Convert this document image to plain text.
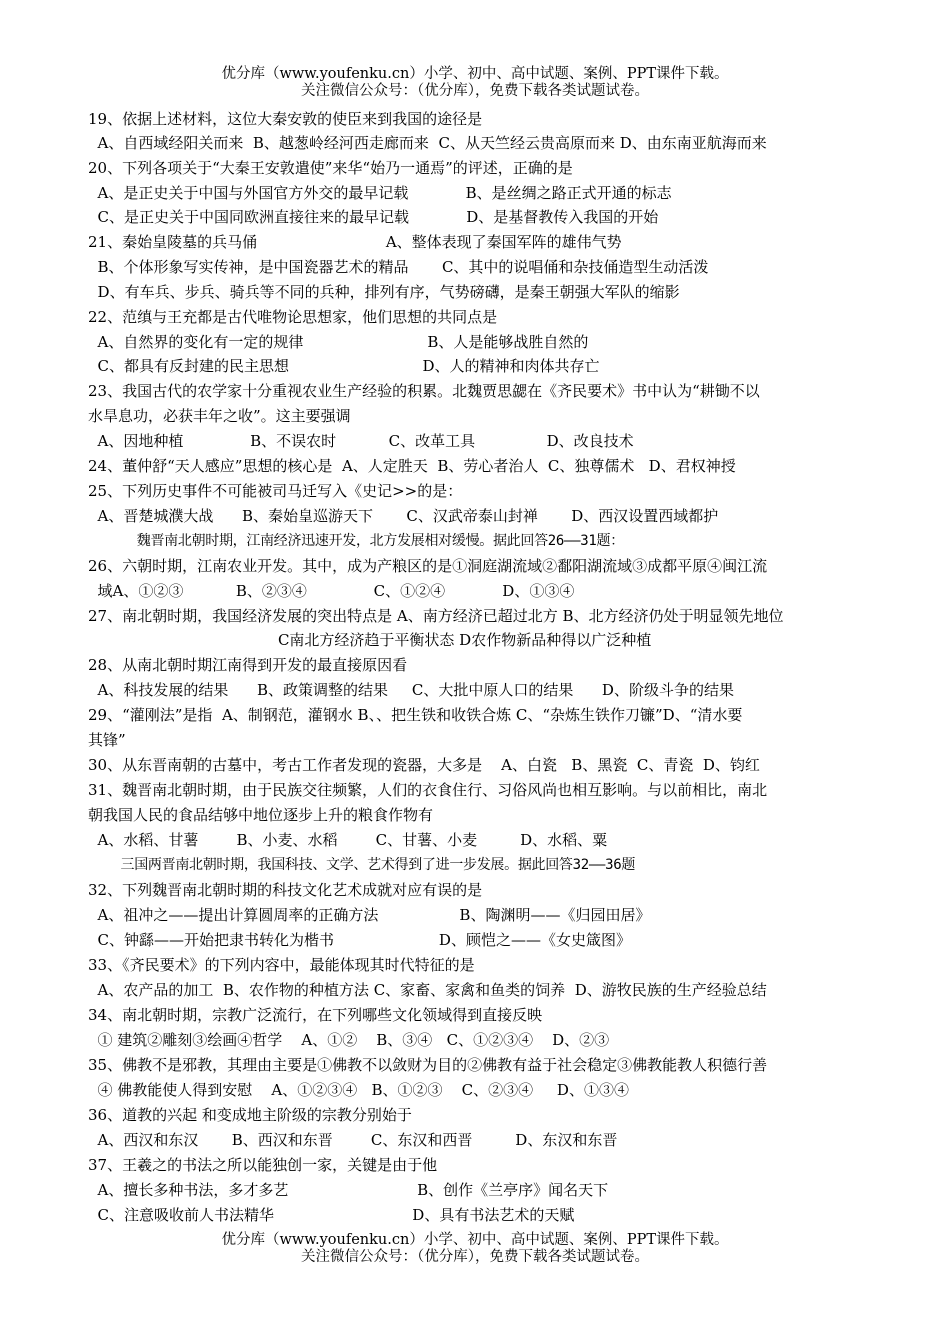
优分库（www.youfenku.cn）小学、初中、高中试题、案例、PPT课件下载。
关注微信公众号：（优分库），免费下载各类试题试卷。
19、依据上述材料，这位大秦安敦的使臣来到我国的途径是
A、自西域经阳关而来  B、越葱岭经河西走廊而来  C、从天竺经云贵高原而来 D、由东南亚航海而来
20、下列各项关于“大秦王安敦遣使”来华“始乃一通焉”的评述，正确的是
A、是正史关于中国与外国官方外交的最早记载            B、是丝绸之路正式开通的标志
C、是正史关于中国同欧洲直接往来的最早记载            D、是基督教传入我国的开始
21、秦始皇陵墓的兵马俑                           A、整体表现了秦国军阵的雄伟气势
B、个体形象写实传神，是中国瓷器艺术的精品       C、其中的说唱俑和杂技俑造型生动活泼
D、有车兵、步兵、骑兵等不同的兵种，排列有序，气势磅礴，是秦王朝强大军队的缩影
22、范缜与王充都是古代唯物论思想家，他们思想的共同点是
A、自然界的变化有一定的规律                          B、人是能够战胜自然的
C、都具有反封建的民主思想                            D、人的精神和肉体共存亡
23、我国古代的农学家十分重视农业生产经验的积累。北魏贾思勰在《齐民要术》书中认为“耕锄不以
水旱息功，必获丰年之收”。这主要强调
A、因地种植              B、不误农时           C、改革工具               D、改良技术
24、董仲舒“天人感应”思想的核心是  A、人定胜天  B、劳心者治人  C、独尊儒术   D、君权神授
25、下列历史事件不可能被司马迁写入《史记>>的是：
A、晋楚城濮大战      B、秦始皇巡游天下       C、汉武帝泰山封禅       D、西汉设置西域都护
魏晋南北朝时期，江南经济迅速开发，北方发展相对缓慢。据此回答26——31题：
26、六朝时期，江南农业开发。其中，成为产粮区的是①洞庭湖流域②鄱阳湖流域③成都平原④闽江流
域A、①②③           B、②③④              C、①②④            D、①③④
27、南北朝时期，我国经济发展的突出特点是 A、南方经济已超过北方 B、北方经济仍处于明显领先地位
C南北方经济趋于平衡状态 D农作物新品种得以广泛种植
28、从南北朝时期江南得到开发的最直接原因看
A、科技发展的结果      B、政策调整的结果     C、大批中原人口的结果      D、阶级斗争的结果
29、“灌刚法”是指  A、制钢范，灌钢水 B、、把生铁和收铁合炼 C、“杂炼生铁作刀镰”D、“清水要
其锋”
30、从东晋南朝的古墓中，考古工作者发现的瓷器，大多是    A、白瓷   B、黑瓷  C、青瓷  D、钧红
31、魏晋南北朝时期，由于民族交往频繁，人们的衣食住行、习俗风尚也相互影响。与以前相比，南北
朝我国人民的食品结够中地位逐步上升的粮食作物有
A、水稻、甘薯        B、小麦、水稻        C、甘薯、小麦         D、水稻、粟
三国两晋南北朝时期，我国科技、文学、艺术得到了进一步发展。据此回答32——36题
32、下列魏晋南北朝时期的科技文化艺术成就对应有误的是
A、祖冲之——提出计算圆周率的正确方法                 B、陶渊明——《归园田居》
C、钟繇——开始把隶书转化为楷书                      D、顾恺之——《女史箴图》
33、《齐民要术》的下列内容中，最能体现其时代特征的是
A、农产品的加工  B、农作物的种植方法 C、家畜、家禽和鱼类的饲养  D、游牧民族的生产经验总结
34、南北朝时期，宗教广泛流行，在下列哪些文化领域得到直接反映
① 建筑②雕刻③绘画④哲学    A、①②    B、③④   C、①②③④    D、②③
35、佛教不是邪教，其理由主要是①佛教不以敛财为目的②佛教有益于社会稳定③佛教能教人积德行善
④ 佛教能使人得到安慰    A、①②③④   B、①②③    C、②③④     D、①③④
36、道教的兴起 和变成地主阶级的宗教分别始于
A、西汉和东汉       B、西汉和东晋        C、东汉和西晋         D、东汉和东晋
37、王羲之的书法之所以能独创一家，关键是由于他
A、擅长多种书法，多才多艺                           B、创作《兰亭序》闻名天下
C、注意吸收前人书法精华                             D、具有书法艺术的天赋
优分库（www.youfenku.cn）小学、初中、高中试题、案例、PPT课件下载。
关注微信公众号：（优分库），免费下载各类试题试卷。
